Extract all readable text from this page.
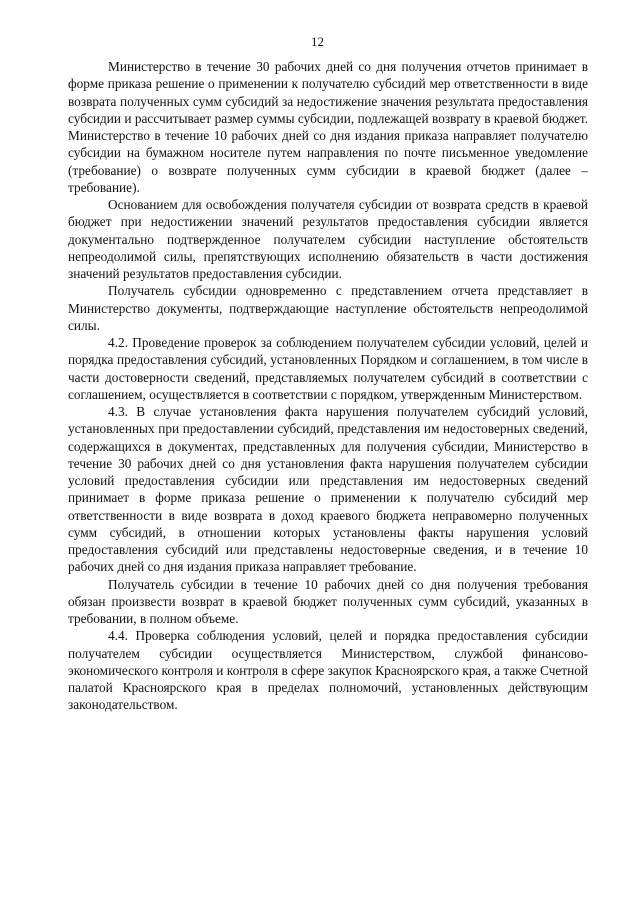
12

Министерство в течение 30 рабочих дней со дня получения отчетов принимает в форме приказа решение о применении к получателю субсидий мер ответственности в виде возврата полученных сумм субсидий за недостижение значения результата предоставления субсидии и рассчитывает размер суммы субсидии, подлежащей возврату в краевой бюджет. Министерство в течение 10 рабочих дней со дня издания приказа направляет получателю субсидии на бумажном носителе путем направления по почте письменное уведомление (требование) о возврате полученных сумм субсидии в краевой бюджет (далее – требование).

Основанием для освобождения получателя субсидии от возврата средств в краевой бюджет при недостижении значений результатов предоставления субсидии является документально подтвержденное получателем субсидии наступление обстоятельств непреодолимой силы, препятствующих исполнению обязательств в части достижения значений результатов предоставления субсидии.

Получатель субсидии одновременно с представлением отчета представляет в Министерство документы, подтверждающие наступление обстоятельств непреодолимой силы.

4.2. Проведение проверок за соблюдением получателем субсидии условий, целей и порядка предоставления субсидий, установленных Порядком и соглашением, в том числе в части достоверности сведений, представляемых получателем субсидий в соответствии с соглашением, осуществляется в соответствии с порядком, утвержденным Министерством.

4.3. В случае установления факта нарушения получателем субсидий условий, установленных при предоставлении субсидий, представления им недостоверных сведений, содержащихся в документах, представленных для получения субсидии, Министерство в течение 30 рабочих дней со дня установления факта нарушения получателем субсидии условий предоставления субсидии или представления им недостоверных сведений принимает в форме приказа решение о применении к получателю субсидий мер ответственности в виде возврата в доход краевого бюджета неправомерно полученных сумм субсидий, в отношении которых установлены факты нарушения условий предоставления субсидий или представлены недостоверные сведения, и в течение 10 рабочих дней со дня издания приказа направляет требование.

Получатель субсидии в течение 10 рабочих дней со дня получения требования обязан произвести возврат в краевой бюджет полученных сумм субсидий, указанных в требовании, в полном объеме.

4.4. Проверка соблюдения условий, целей и порядка предоставления субсидии получателем субсидии осуществляется Министерством, службой финансово-экономического контроля и контроля в сфере закупок Красноярского края, а также Счетной палатой Красноярского края в пределах полномочий, установленных действующим законодательством.
